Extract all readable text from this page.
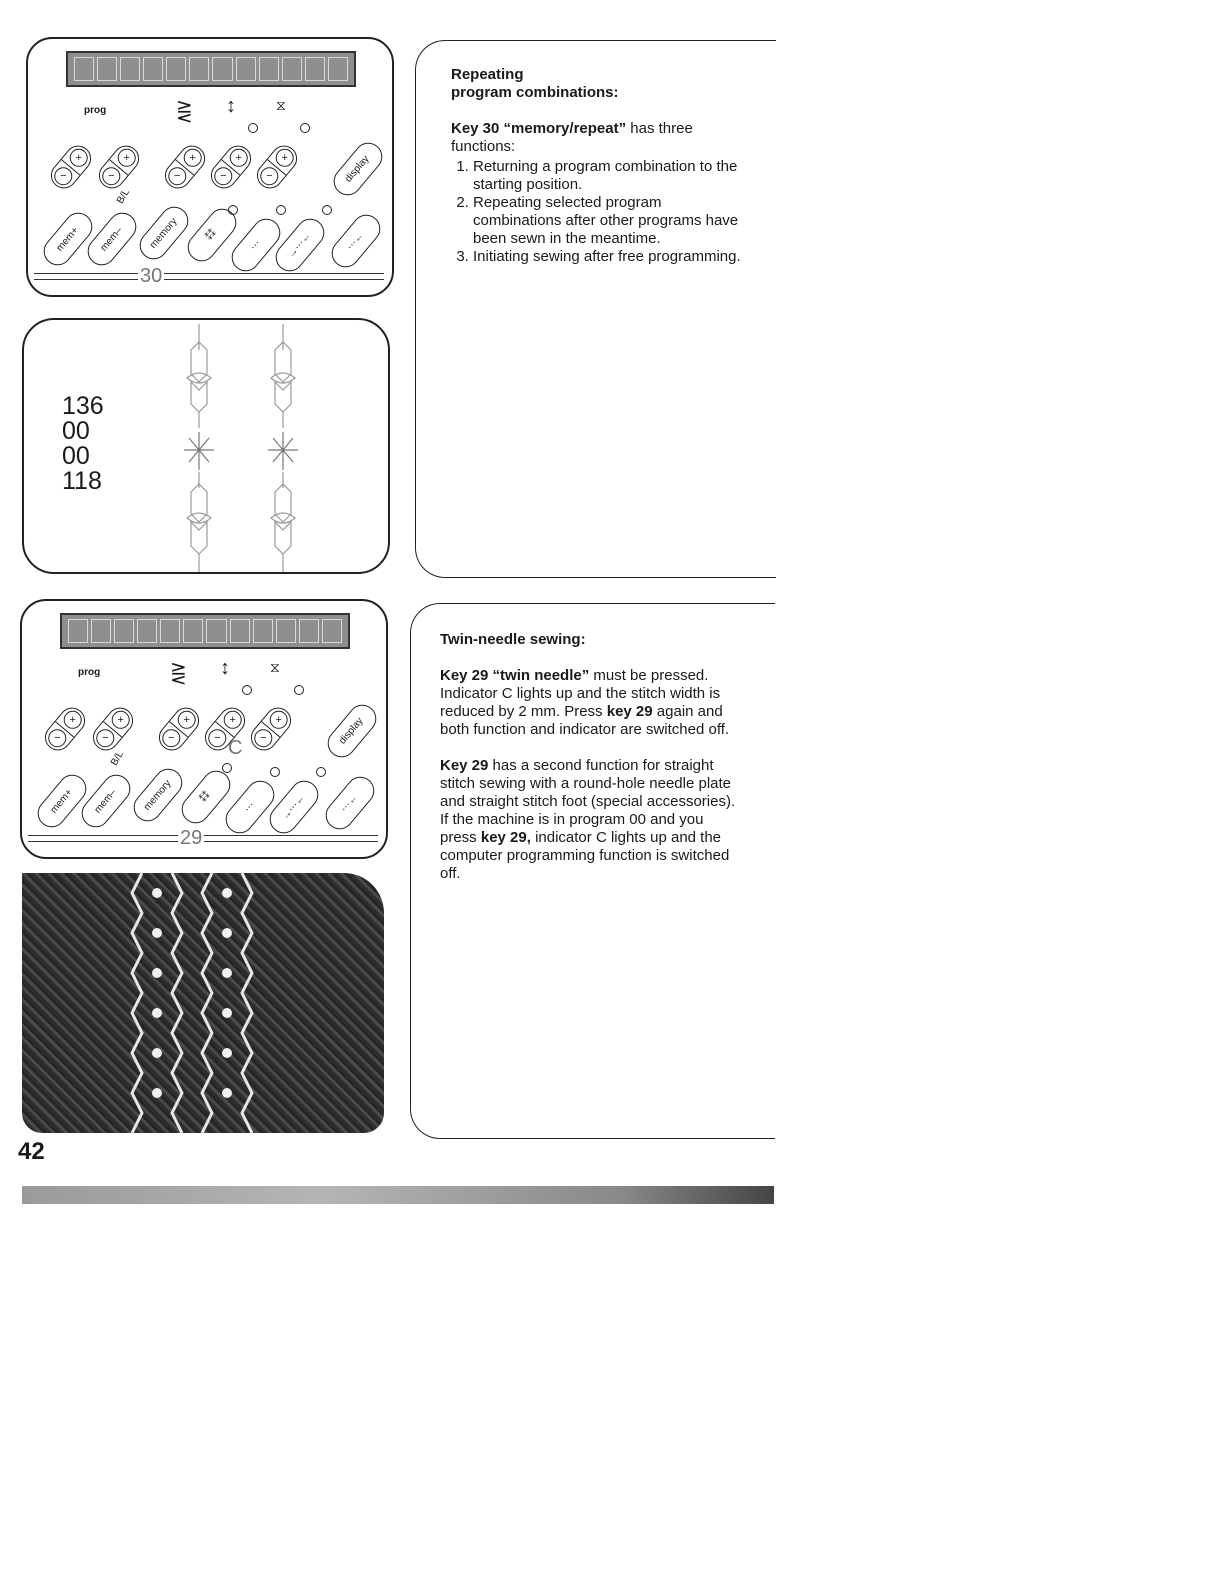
prog	⋛ ↕	⧖
+
−
+
−
+
−
+
−
+
−	display
B/L
mem+ mem– memory ⁑⁑
⋯ →⋯←	⋯←
30
136
00
00
118
prog	⋛ ↕	⧖
+
−
+
−
+
−
+
−
+
−	display
B/L	C
mem+ mem– memory ⁑⁑
⋯ →⋯←	⋯←
29

Repeating
program combinations:

Key 30 “memory/repeat” has three functions:
1. Returning a program combination to the starting position.
2. Repeating selected program combinations after other programs have been sewn in the meantime.
3. Initiating sewing after free programming.

Twin-needle sewing:

Key 29 “twin needle” must be pressed. Indicator C lights up and the stitch width is reduced by 2 mm. Press key 29 again and both function and indicator are switched off.

Key 29 has a second function for straight stitch sewing with a round-hole needle plate and straight stitch foot (special accessories). If the machine is in program 00 and you press key 29, indicator C lights up and the computer programming function is switched off.

42
